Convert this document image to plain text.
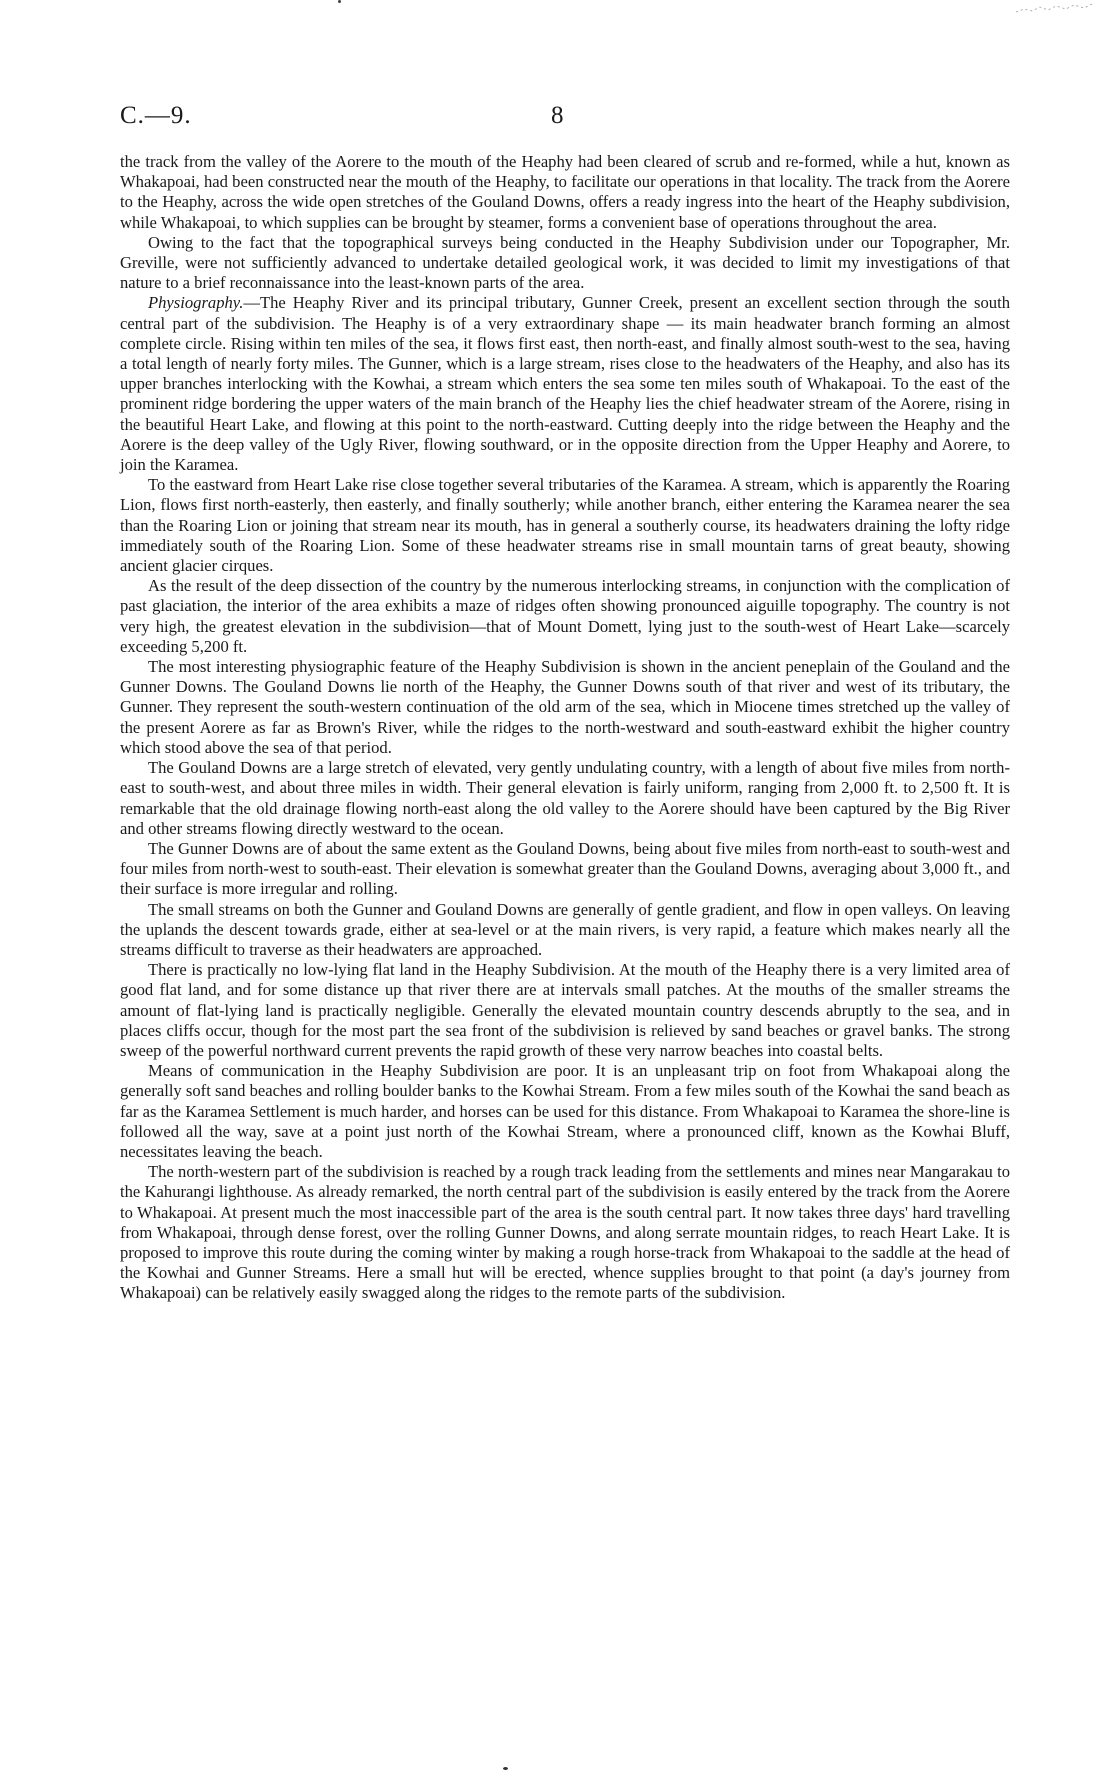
C.—9.	8

the track from the valley of the Aorere to the mouth of the Heaphy had been cleared of scrub and re-formed, while a hut, known as Whakapoai, had been constructed near the mouth of the Heaphy, to facilitate our operations in that locality. The track from the Aorere to the Heaphy, across the wide open stretches of the Gouland Downs, offers a ready ingress into the heart of the Heaphy subdivision, while Whakapoai, to which supplies can be brought by steamer, forms a convenient base of operations throughout the area.

Owing to the fact that the topographical surveys being conducted in the Heaphy Subdivision under our Topographer, Mr. Greville, were not sufficiently advanced to undertake detailed geological work, it was decided to limit my investigations of that nature to a brief reconnaissance into the least-known parts of the area.

Physiography.—The Heaphy River and its principal tributary, Gunner Creek, present an excellent section through the south central part of the subdivision. The Heaphy is of a very extraordinary shape — its main headwater branch forming an almost complete circle. Rising within ten miles of the sea, it flows first east, then north-east, and finally almost south-west to the sea, having a total length of nearly forty miles. The Gunner, which is a large stream, rises close to the headwaters of the Heaphy, and also has its upper branches interlocking with the Kowhai, a stream which enters the sea some ten miles south of Whakapoai. To the east of the prominent ridge bordering the upper waters of the main branch of the Heaphy lies the chief headwater stream of the Aorere, rising in the beautiful Heart Lake, and flowing at this point to the north-eastward. Cutting deeply into the ridge between the Heaphy and the Aorere is the deep valley of the Ugly River, flowing southward, or in the opposite direction from the Upper Heaphy and Aorere, to join the Karamea.

To the eastward from Heart Lake rise close together several tributaries of the Karamea. A stream, which is apparently the Roaring Lion, flows first north-easterly, then easterly, and finally southerly; while another branch, either entering the Karamea nearer the sea than the Roaring Lion or joining that stream near its mouth, has in general a southerly course, its headwaters draining the lofty ridge immediately south of the Roaring Lion. Some of these headwater streams rise in small mountain tarns of great beauty, showing ancient glacier cirques.

As the result of the deep dissection of the country by the numerous interlocking streams, in conjunction with the complication of past glaciation, the interior of the area exhibits a maze of ridges often showing pronounced aiguille topography. The country is not very high, the greatest elevation in the subdivision—that of Mount Domett, lying just to the south-west of Heart Lake—scarcely exceeding 5,200 ft.

The most interesting physiographic feature of the Heaphy Subdivision is shown in the ancient peneplain of the Gouland and the Gunner Downs. The Gouland Downs lie north of the Heaphy, the Gunner Downs south of that river and west of its tributary, the Gunner. They represent the south-western continuation of the old arm of the sea, which in Miocene times stretched up the valley of the present Aorere as far as Brown's River, while the ridges to the north-westward and south-eastward exhibit the higher country which stood above the sea of that period.

The Gouland Downs are a large stretch of elevated, very gently undulating country, with a length of about five miles from north-east to south-west, and about three miles in width. Their general elevation is fairly uniform, ranging from 2,000 ft. to 2,500 ft. It is remarkable that the old drainage flowing north-east along the old valley to the Aorere should have been captured by the Big River and other streams flowing directly westward to the ocean.

The Gunner Downs are of about the same extent as the Gouland Downs, being about five miles from north-east to south-west and four miles from north-west to south-east. Their elevation is somewhat greater than the Gouland Downs, averaging about 3,000 ft., and their surface is more irregular and rolling.

The small streams on both the Gunner and Gouland Downs are generally of gentle gradient, and flow in open valleys. On leaving the uplands the descent towards grade, either at sea-level or at the main rivers, is very rapid, a feature which makes nearly all the streams difficult to traverse as their headwaters are approached.

There is practically no low-lying flat land in the Heaphy Subdivision. At the mouth of the Heaphy there is a very limited area of good flat land, and for some distance up that river there are at intervals small patches. At the mouths of the smaller streams the amount of flat-lying land is practically negligible. Generally the elevated mountain country descends abruptly to the sea, and in places cliffs occur, though for the most part the sea front of the subdivision is relieved by sand beaches or gravel banks. The strong sweep of the powerful northward current prevents the rapid growth of these very narrow beaches into coastal belts.

Means of communication in the Heaphy Subdivision are poor. It is an unpleasant trip on foot from Whakapoai along the generally soft sand beaches and rolling boulder banks to the Kowhai Stream. From a few miles south of the Kowhai the sand beach as far as the Karamea Settlement is much harder, and horses can be used for this distance. From Whakapoai to Karamea the shore-line is followed all the way, save at a point just north of the Kowhai Stream, where a pronounced cliff, known as the Kowhai Bluff, necessitates leaving the beach.

The north-western part of the subdivision is reached by a rough track leading from the settlements and mines near Mangarakau to the Kahurangi lighthouse. As already remarked, the north central part of the subdivision is easily entered by the track from the Aorere to Whakapoai. At present much the most inaccessible part of the area is the south central part. It now takes three days' hard travelling from Whakapoai, through dense forest, over the rolling Gunner Downs, and along serrate mountain ridges, to reach Heart Lake. It is proposed to improve this route during the coming winter by making a rough horse-track from Whakapoai to the saddle at the head of the Kowhai and Gunner Streams. Here a small hut will be erected, whence supplies brought to that point (a day's journey from Whakapoai) can be relatively easily swagged along the ridges to the remote parts of the subdivision.
